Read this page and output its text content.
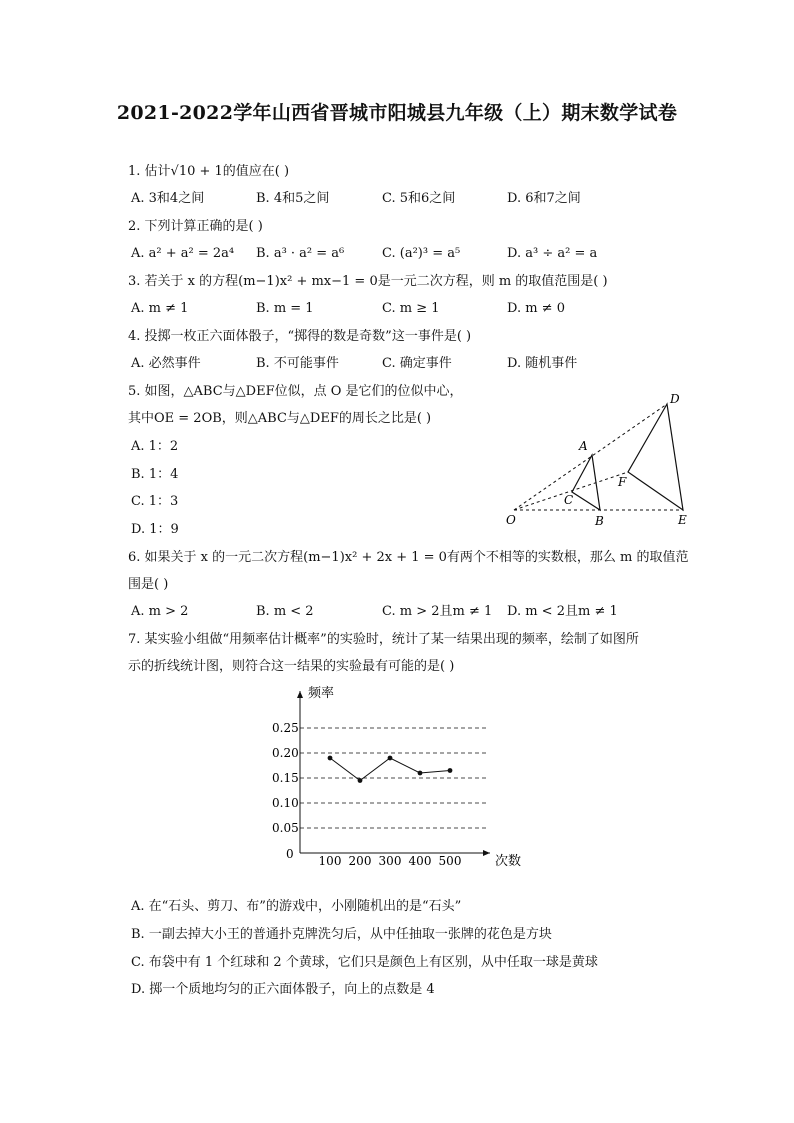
2021-2022学年山西省晋城市阳城县九年级（上）期末数学试卷
1. 估计√10 + 1的值应在( )
A. 3和4之间	B. 4和5之间	C. 5和6之间	D. 6和7之间
2. 下列计算正确的是( )
A. a² + a² = 2a⁴ B. a³ · a² = a⁶	C. (a²)³ = a⁵	D. a³ ÷ a² = a
3. 若关于 x 的方程(m−1)x² + mx−1 = 0是一元二次方程，则 m 的取值范围是( )
A. m ≠ 1	B. m = 1	C. m ≥ 1	D. m ≠ 0
4. 投掷一枚正六面体骰子，“掷得的数是奇数”这一事件是( )
A. 必然事件	B. 不可能事件	C. 确定事件	D. 随机事件
5. 如图，△ABC与△DEF位似，点 O 是它们的位似中心，
其中OE = 2OB，则△ABC与△DEF的周长之比是( )
A. 1：2
B. 1：4
C. 1：3
D. 1：9
D
A
F
C
O	B	E
6. 如果关于 x 的一元二次方程(m−1)x² + 2x + 1 = 0有两个不相等的实数根，那么 m 的取值范
围是( )
A. m > 2	B. m < 2	C. m > 2且m ≠ 1 D. m < 2且m ≠ 1
7. 某实验小组做“用频率估计概率”的实验时，统计了某一结果出现的频率，绘制了如图所
示的折线统计图，则符合这一结果的实验最有可能的是( )
频率
次数
0
0.05
0.10
0.15
0.20
0.25
100 200 300 400 500
A. 在“石头、剪刀、布”的游戏中，小刚随机出的是“石头”
B. 一副去掉大小王的普通扑克牌洗匀后，从中任抽取一张牌的花色是方块
C. 布袋中有 1 个红球和 2 个黄球，它们只是颜色上有区别，从中任取一球是黄球
D. 掷一个质地均匀的正六面体骰子，向上的点数是 4
